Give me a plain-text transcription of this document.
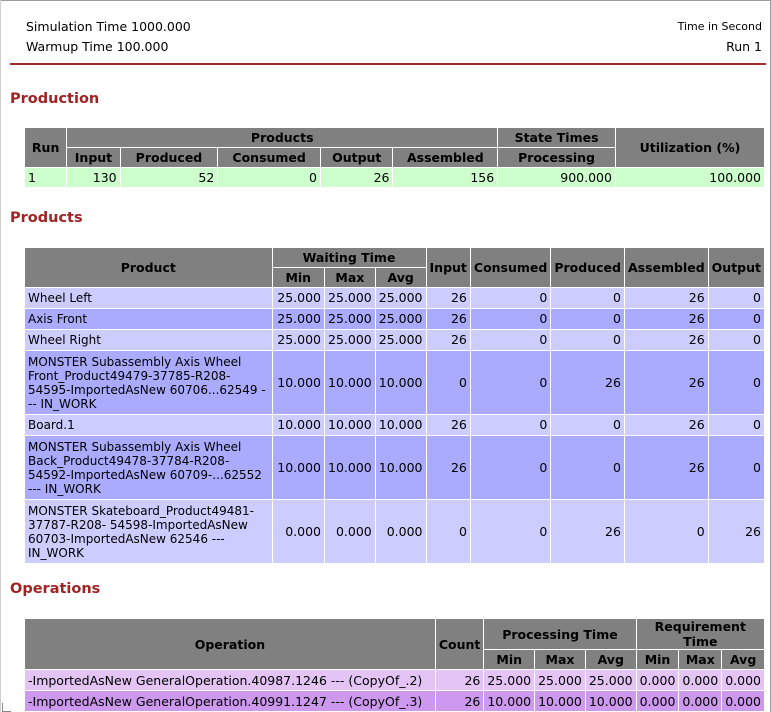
Simulation Time 1000.000
Warmup Time 100.000
Time in Second
Run 1
Production
Run	Products					State Times	Utilization (%)
	Input	Produced	Consumed	Output	Assembled	Processing	
1	130	52	0	26	156	900.000	100.000
Products
Product	Waiting Time			Input	Consumed	Produced	Assembled	Output
	Min	Max	Avg					
Wheel Left	25.000	25.000	25.000	26	0	0	26	0
Axis Front	25.000	25.000	25.000	26	0	0	26	0
Wheel Right	25.000	25.000	25.000	26	0	0	26	0
MONSTER Subassembly Axis Wheel Front_Product49479-37785-R208- 54595-ImportedAsNew 60706...62549 --- IN_WORK	10.000	10.000	10.000	0	0	26	26	0
Board.1	10.000	10.000	10.000	26	0	0	26	0
MONSTER Subassembly Axis Wheel Back_Product49478-37784-R208- 54592-ImportedAsNew 60709-...62552 --- IN_WORK	10.000	10.000	10.000	26	0	0	26	0
MONSTER Skateboard_Product49481-37787-R208- 54598-ImportedAsNew 60703-ImportedAsNew 62546 --- IN_WORK	0.000	0.000	0.000	0	0	26	0	26
Operations
Operation	Count	Processing Time			Requirement Time		
		Min	Max	Avg	Min	Max	Avg
-ImportedAsNew GeneralOperation.40987.1246 --- (CopyOf_.2)	26	25.000	25.000	25.000	0.000	0.000	0.000
-ImportedAsNew GeneralOperation.40991.1247 --- (CopyOf_.3)	26	10.000	10.000	10.000	0.000	0.000	0.000
